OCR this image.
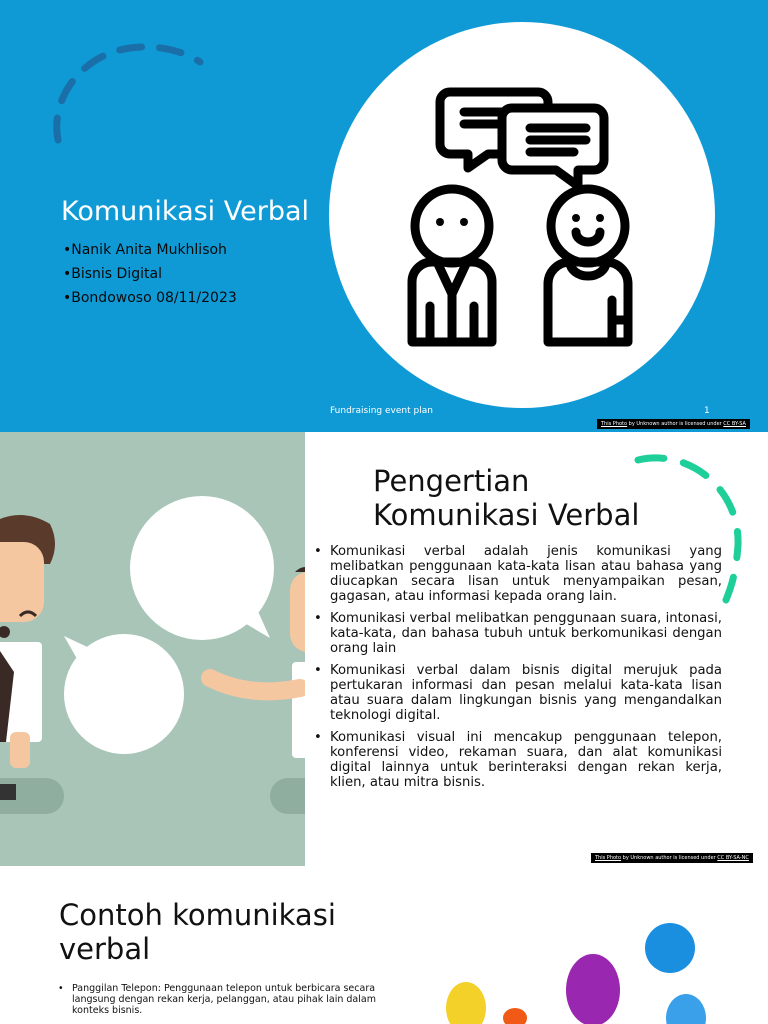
Komunikasi Verbal
•Nanik Anita Mukhlisoh
•Bisnis Digital
•Bondowoso 08/11/2023
Fundraising event plan	1
This Photo by Unknown author is licensed under CC BY-SA
Pengertian
Komunikasi Verbal
• Komunikasi verbal adalah jenis komunikasi yang melibatkan penggunaan kata-kata lisan atau bahasa yang diucapkan secara lisan untuk menyampaikan pesan, gagasan, atau informasi kepada orang lain.
• Komunikasi verbal melibatkan penggunaan suara, intonasi, kata-kata, dan bahasa tubuh untuk berkomunikasi dengan orang lain
• Komunikasi verbal dalam bisnis digital merujuk pada pertukaran informasi dan pesan melalui kata-kata lisan atau suara dalam lingkungan bisnis yang mengandalkan teknologi digital.
• Komunikasi visual ini mencakup penggunaan telepon, konferensi video, rekaman suara, dan alat komunikasi digital lainnya untuk berinteraksi dengan rekan kerja, klien, atau mitra bisnis.
This Photo by Unknown author is licensed under CC BY-SA-NC
Contoh komunikasi
verbal
• Panggilan Telepon: Penggunaan telepon untuk berbicara secara langsung dengan rekan kerja, pelanggan, atau pihak lain dalam konteks bisnis.
